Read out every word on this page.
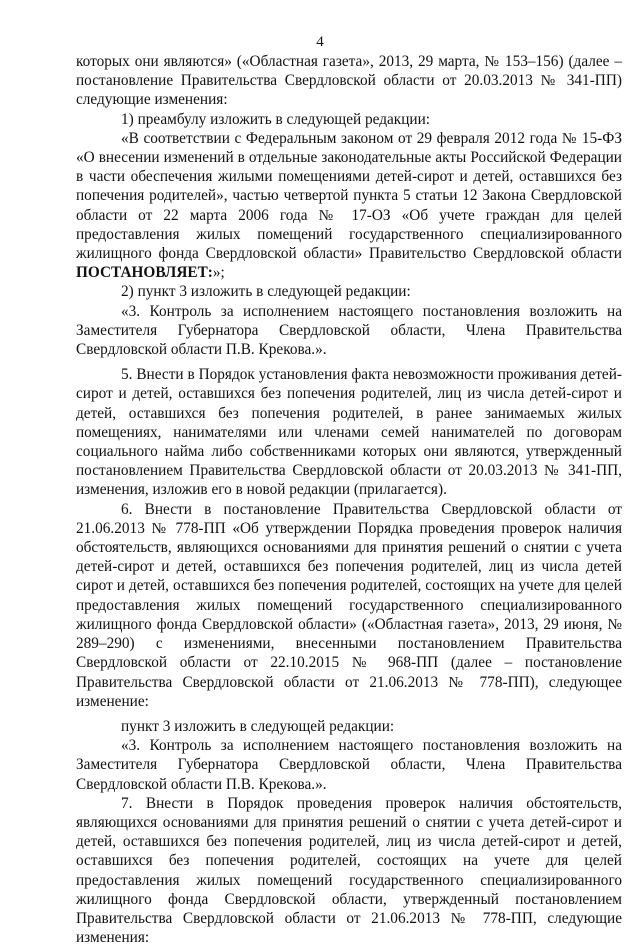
4

которых они являются» («Областная газета», 2013, 29 марта, № 153–156) (далее – постановление Правительства Свердловской области от 20.03.2013 № 341-ПП) следующие изменения:

1) преамбулу изложить в следующей редакции:

«В соответствии с Федеральным законом от 29 февраля 2012 года № 15-ФЗ «О внесении изменений в отдельные законодательные акты Российской Федерации в части обеспечения жилыми помещениями детей-сирот и детей, оставшихся без попечения родителей», частью четвертой пункта 5 статьи 12 Закона Свердловской области от 22 марта 2006 года № 17-ОЗ «Об учете граждан для целей предоставления жилых помещений государственного специализированного жилищного фонда Свердловской области» Правительство Свердловской области ПОСТАНОВЛЯЕТ:»;

2) пункт 3 изложить в следующей редакции:

«3. Контроль за исполнением настоящего постановления возложить на Заместителя Губернатора Свердловской области, Члена Правительства Свердловской области П.В. Крекова.».

5. Внести в Порядок установления факта невозможности проживания детей-сирот и детей, оставшихся без попечения родителей, лиц из числа детей-сирот и детей, оставшихся без попечения родителей, в ранее занимаемых жилых помещениях, нанимателями или членами семей нанимателей по договорам социального найма либо собственниками которых они являются, утвержденный постановлением Правительства Свердловской области от 20.03.2013 № 341-ПП, изменения, изложив его в новой редакции (прилагается).

6. Внести в постановление Правительства Свердловской области от 21.06.2013 № 778-ПП «Об утверждении Порядка проведения проверок наличия обстоятельств, являющихся основаниями для принятия решений о снятии с учета детей-сирот и детей, оставшихся без попечения родителей, лиц из числа детей сирот и детей, оставшихся без попечения родителей, состоящих на учете для целей предоставления жилых помещений государственного специализированного жилищного фонда Свердловской области» («Областная газета», 2013, 29 июня, № 289–290) с изменениями, внесенными постановлением Правительства Свердловской области от 22.10.2015 № 968-ПП (далее – постановление Правительства Свердловской области от 21.06.2013 № 778-ПП), следующее изменение:

пункт 3 изложить в следующей редакции:

«3. Контроль за исполнением настоящего постановления возложить на Заместителя Губернатора Свердловской области, Члена Правительства Свердловской области П.В. Крекова.».

7. Внести в Порядок проведения проверок наличия обстоятельств, являющихся основаниями для принятия решений о снятии с учета детей-сирот и детей, оставшихся без попечения родителей, лиц из числа детей-сирот и детей, оставшихся без попечения родителей, состоящих на учете для целей предоставления жилых помещений государственного специализированного жилищного фонда Свердловской области, утвержденный постановлением Правительства Свердловской области от 21.06.2013 № 778-ПП, следующие изменения:
